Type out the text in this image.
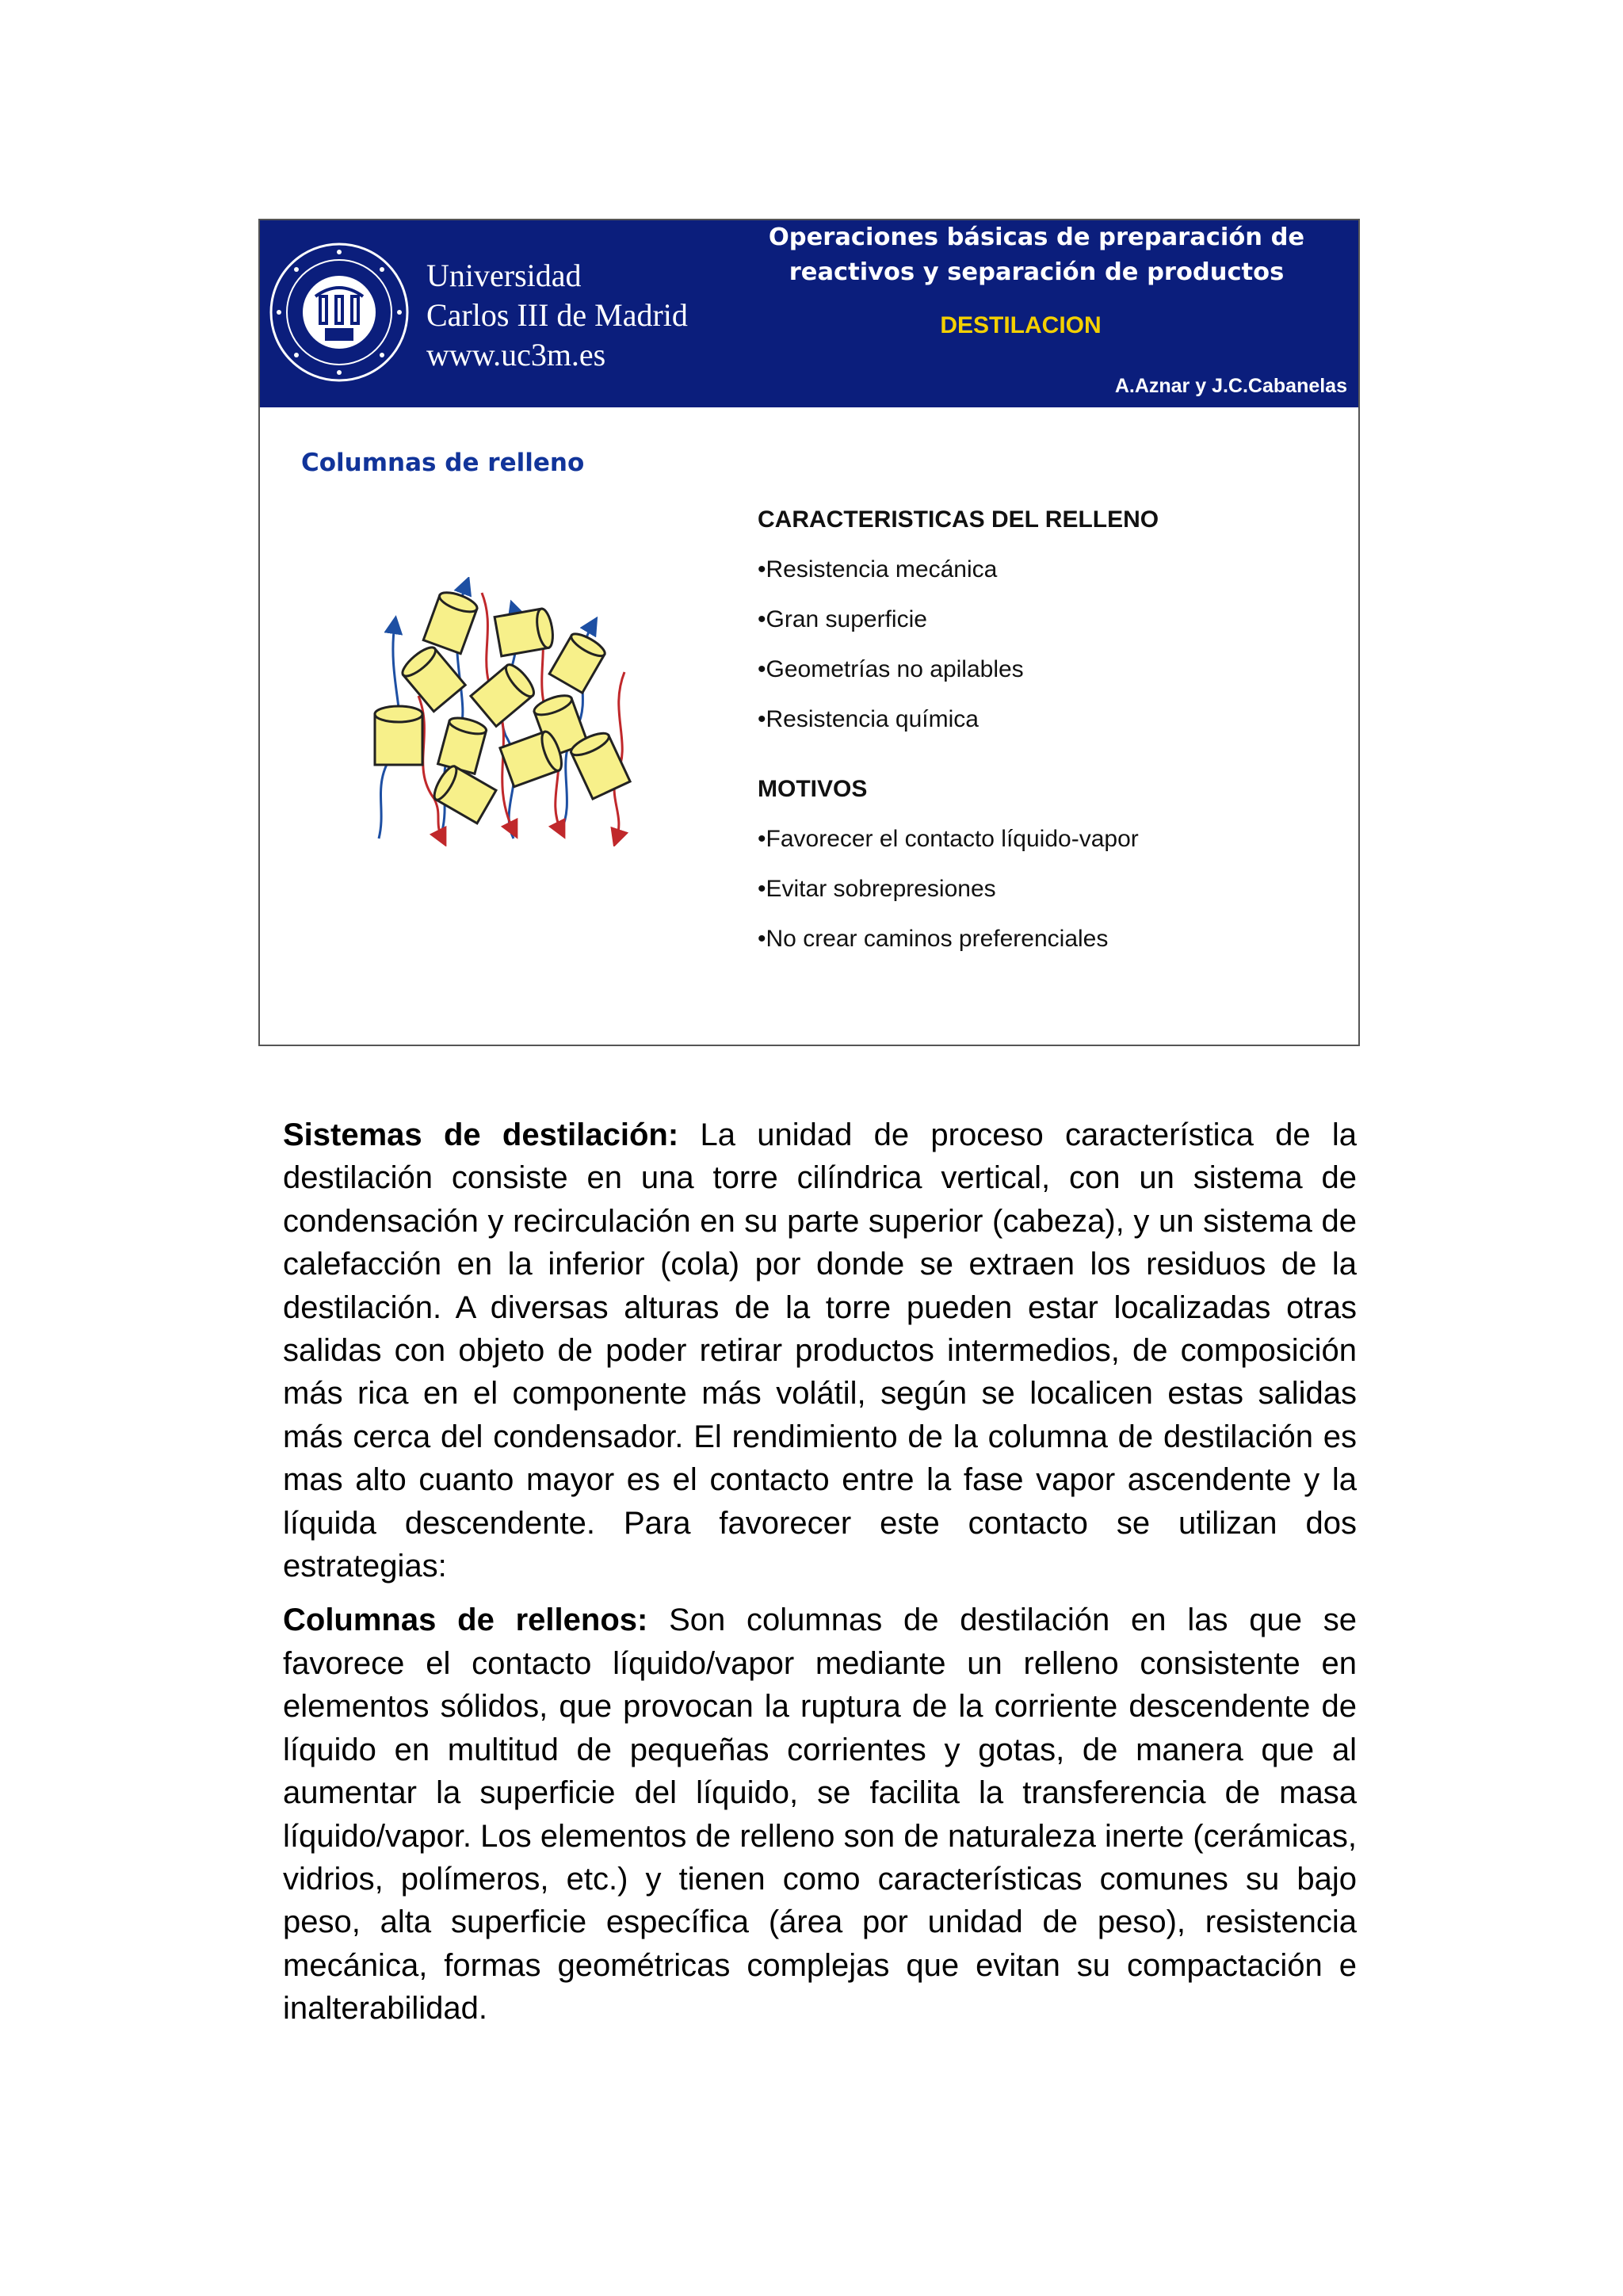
Universidad
Carlos III de Madrid
www.uc3m.es
Operaciones básicas de preparación de
reactivos y separación de productos
DESTILACION
A.Aznar y J.C.Cabanelas
Columnas de relleno
CARACTERISTICAS DEL RELLENO
•Resistencia mecánica
•Gran superficie
•Geometrías no apilables
•Resistencia química
MOTIVOS
•Favorecer el contacto líquido-vapor
•Evitar sobrepresiones
•No crear caminos preferenciales

Sistemas de destilación: La unidad de proceso característica de la destilación consiste en una torre cilíndrica vertical, con un sistema de condensación y recirculación en su parte superior (cabeza), y un sistema de calefacción en la inferior (cola) por donde se extraen los residuos de la destilación. A diversas alturas de la torre pueden estar localizadas otras salidas con objeto de poder retirar productos intermedios, de composición más rica en el componente más volátil, según se localicen estas salidas más cerca del condensador. El rendimiento de la columna de destilación es mas alto cuanto mayor es el contacto entre la fase vapor ascendente y la líquida descendente. Para favorecer este contacto se utilizan dos estrategias:

Columnas de rellenos: Son columnas de destilación en las que se favorece el contacto líquido/vapor mediante un relleno consistente en elementos sólidos, que provocan la ruptura de la corriente descendente de líquido en multitud de pequeñas corrientes y gotas, de manera que al aumentar la superficie del líquido, se facilita la transferencia de masa líquido/vapor. Los elementos de relleno son de naturaleza inerte (cerámicas, vidrios, polímeros, etc.) y tienen como características comunes su bajo peso, alta superficie específica (área por unidad de peso), resistencia mecánica, formas geométricas complejas que evitan su compactación e inalterabilidad.
